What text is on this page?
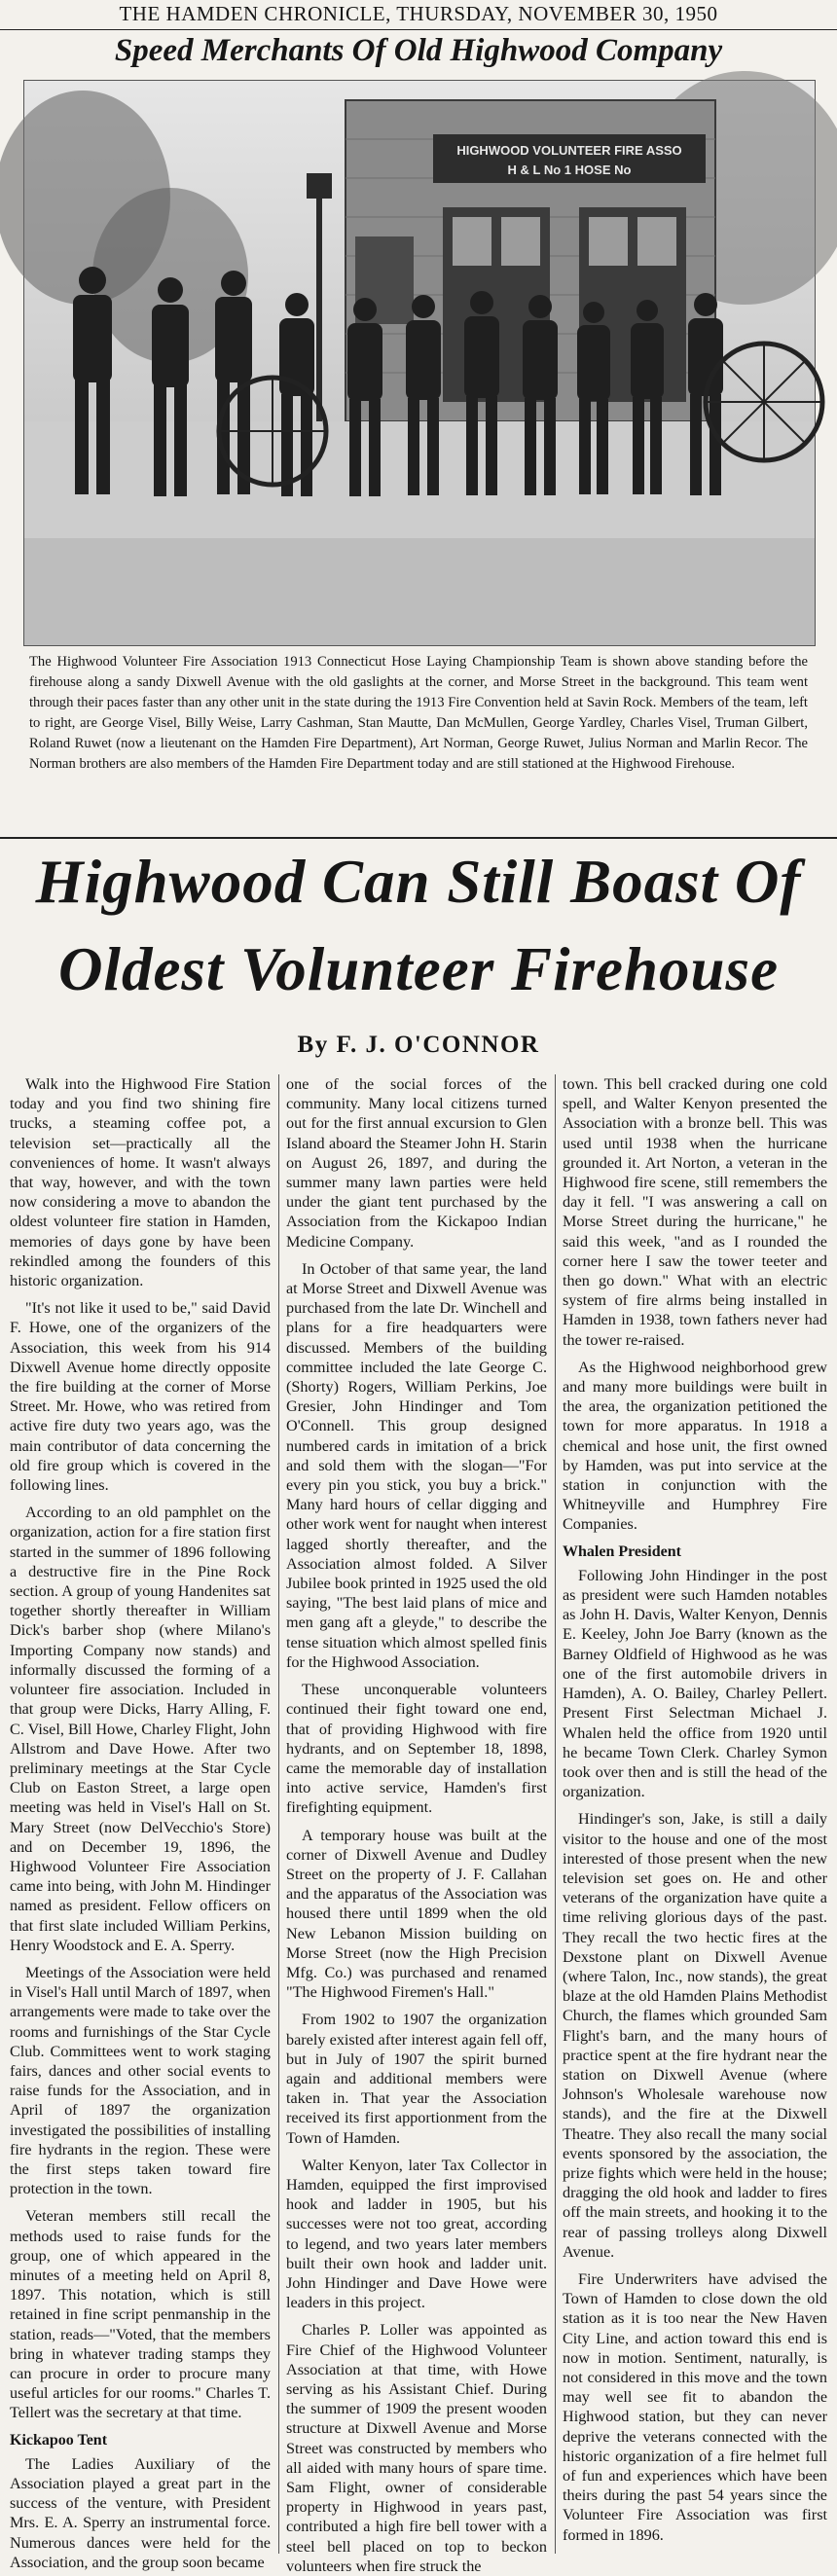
THE HAMDEN CHRONICLE, THURSDAY, NOVEMBER 30, 1950
Speed Merchants Of Old Highwood Company
HIGHWOOD VOLUNTEER FIRE ASSO
H & L No 1 HOSE No
The Highwood Volunteer Fire Association 1913 Connecticut Hose Laying Championship Team is shown above standing before the firehouse along a sandy Dixwell Avenue with the old gaslights at the corner, and Morse Street in the background. This team went through their paces faster than any other unit in the state during the 1913 Fire Convention held at Savin Rock. Members of the team, left to right, are George Visel, Billy Weise, Larry Cashman, Stan Mautte, Dan McMullen, George Yardley, Charles Visel, Truman Gilbert, Roland Ruwet (now a lieutenant on the Hamden Fire Department), Art Norman, George Ruwet, Julius Norman and Marlin Recor. The Norman brothers are also members of the Hamden Fire Department today and are still stationed at the Highwood Firehouse.
Highwood Can Still Boast Of
Oldest Volunteer Firehouse
By F. J. O'CONNOR

Walk into the Highwood Fire Station today and you find two shining fire trucks, a steaming coffee pot, a television set—practically all the conveniences of home. It wasn't always that way, however, and with the town now considering a move to abandon the oldest volunteer fire station in Hamden, memories of days gone by have been rekindled among the founders of this historic organization.

"It's not like it used to be," said David F. Howe, one of the organizers of the Association, this week from his 914 Dixwell Avenue home directly opposite the fire building at the corner of Morse Street. Mr. Howe, who was retired from active fire duty two years ago, was the main contributor of data concerning the old fire group which is covered in the following lines.

According to an old pamphlet on the organization, action for a fire station first started in the summer of 1896 following a destructive fire in the Pine Rock section. A group of young Handenites sat together shortly thereafter in William Dick's barber shop (where Milano's Importing Company now stands) and informally discussed the forming of a volunteer fire association. Included in that group were Dicks, Harry Alling, F. C. Visel, Bill Howe, Charley Flight, John Allstrom and Dave Howe. After two preliminary meetings at the Star Cycle Club on Easton Street, a large open meeting was held in Visel's Hall on St. Mary Street (now DelVecchio's Store) and on December 19, 1896, the Highwood Volunteer Fire Association came into being, with John M. Hindinger named as president. Fellow officers on that first slate included William Perkins, Henry Woodstock and E. A. Sperry.

Meetings of the Association were held in Visel's Hall until March of 1897, when arrangements were made to take over the rooms and furnishings of the Star Cycle Club. Committees went to work staging fairs, dances and other social events to raise funds for the Association, and in April of 1897 the organization investigated the possibilities of installing fire hydrants in the region. These were the first steps taken toward fire protection in the town.

Veteran members still recall the methods used to raise funds for the group, one of which appeared in the minutes of a meeting held on April 8, 1897. This notation, which is still retained in fine script penmanship in the station, reads—"Voted, that the members bring in whatever trading stamps they can procure in order to procure many useful articles for our rooms." Charles T. Tellert was the secretary at that time.

Kickapoo Tent

The Ladies Auxiliary of the Association played a great part in the success of the venture, with President Mrs. E. A. Sperry an instrumental force. Numerous dances were held for the Association, and the group soon became

one of the social forces of the community. Many local citizens turned out for the first annual excursion to Glen Island aboard the Steamer John H. Starin on August 26, 1897, and during the summer many lawn parties were held under the giant tent purchased by the Association from the Kickapoo Indian Medicine Company.

In October of that same year, the land at Morse Street and Dixwell Avenue was purchased from the late Dr. Winchell and plans for a fire headquarters were discussed. Members of the building committee included the late George C. (Shorty) Rogers, William Perkins, Joe Gresier, John Hindinger and Tom O'Connell. This group designed numbered cards in imitation of a brick and sold them with the slogan—"For every pin you stick, you buy a brick." Many hard hours of cellar digging and other work went for naught when interest lagged shortly thereafter, and the Association almost folded. A Silver Jubilee book printed in 1925 used the old saying, "The best laid plans of mice and men gang aft a gleyde," to describe the tense situation which almost spelled finis for the Highwood Association.

These unconquerable volunteers continued their fight toward one end, that of providing Highwood with fire hydrants, and on September 18, 1898, came the memorable day of installation into active service, Hamden's first firefighting equipment.

A temporary house was built at the corner of Dixwell Avenue and Dudley Street on the property of J. F. Callahan and the apparatus of the Association was housed there until 1899 when the old New Lebanon Mission building on Morse Street (now the High Precision Mfg. Co.) was purchased and renamed "The Highwood Firemen's Hall."

From 1902 to 1907 the organization barely existed after interest again fell off, but in July of 1907 the spirit burned again and additional members were taken in. That year the Association received its first apportionment from the Town of Hamden.

Walter Kenyon, later Tax Collector in Hamden, equipped the first improvised hook and ladder in 1905, but his successes were not too great, according to legend, and two years later members built their own hook and ladder unit. John Hindinger and Dave Howe were leaders in this project.

Charles P. Loller was appointed as Fire Chief of the Highwood Volunteer Association at that time, with Howe serving as his Assistant Chief. During the summer of 1909 the present wooden structure at Dixwell Avenue and Morse Street was constructed by members who all aided with many hours of spare time. Sam Flight, owner of considerable property in Highwood in years past, contributed a high fire bell tower with a steel bell placed on top to beckon volunteers when fire struck the

town. This bell cracked during one cold spell, and Walter Kenyon presented the Association with a bronze bell. This was used until 1938 when the hurricane grounded it. Art Norton, a veteran in the Highwood fire scene, still remembers the day it fell. "I was answering a call on Morse Street during the hurricane," he said this week, "and as I rounded the corner here I saw the tower teeter and then go down." What with an electric system of fire alrms being installed in Hamden in 1938, town fathers never had the tower re-raised.

As the Highwood neighborhood grew and many more buildings were built in the area, the organization petitioned the town for more apparatus. In 1918 a chemical and hose unit, the first owned by Hamden, was put into service at the station in conjunction with the Whitneyville and Humphrey Fire Companies.

Whalen President

Following John Hindinger in the post as president were such Hamden notables as John H. Davis, Walter Kenyon, Dennis E. Keeley, John Joe Barry (known as the Barney Oldfield of Highwood as he was one of the first automobile drivers in Hamden), A. O. Bailey, Charley Pellert. Present First Selectman Michael J. Whalen held the office from 1920 until he became Town Clerk. Charley Symon took over then and is still the head of the organization.

Hindinger's son, Jake, is still a daily visitor to the house and one of the most interested of those present when the new television set goes on. He and other veterans of the organization have quite a time reliving glorious days of the past. They recall the two hectic fires at the Dexstone plant on Dixwell Avenue (where Talon, Inc., now stands), the great blaze at the old Hamden Plains Methodist Church, the flames which grounded Sam Flight's barn, and the many hours of practice spent at the fire hydrant near the station on Dixwell Avenue (where Johnson's Wholesale warehouse now stands), and the fire at the Dixwell Theatre. They also recall the many social events sponsored by the association, the prize fights which were held in the house; dragging the old hook and ladder to fires off the main streets, and hooking it to the rear of passing trolleys along Dixwell Avenue.

Fire Underwriters have advised the Town of Hamden to close down the old station as it is too near the New Haven City Line, and action toward this end is now in motion. Sentiment, naturally, is not considered in this move and the town may well see fit to abandon the Highwood station, but they can never deprive the veterans connected with the historic organization of a fire helmet full of fun and experiences which have been theirs during the past 54 years since the Volunteer Fire Association was first formed in 1896.
